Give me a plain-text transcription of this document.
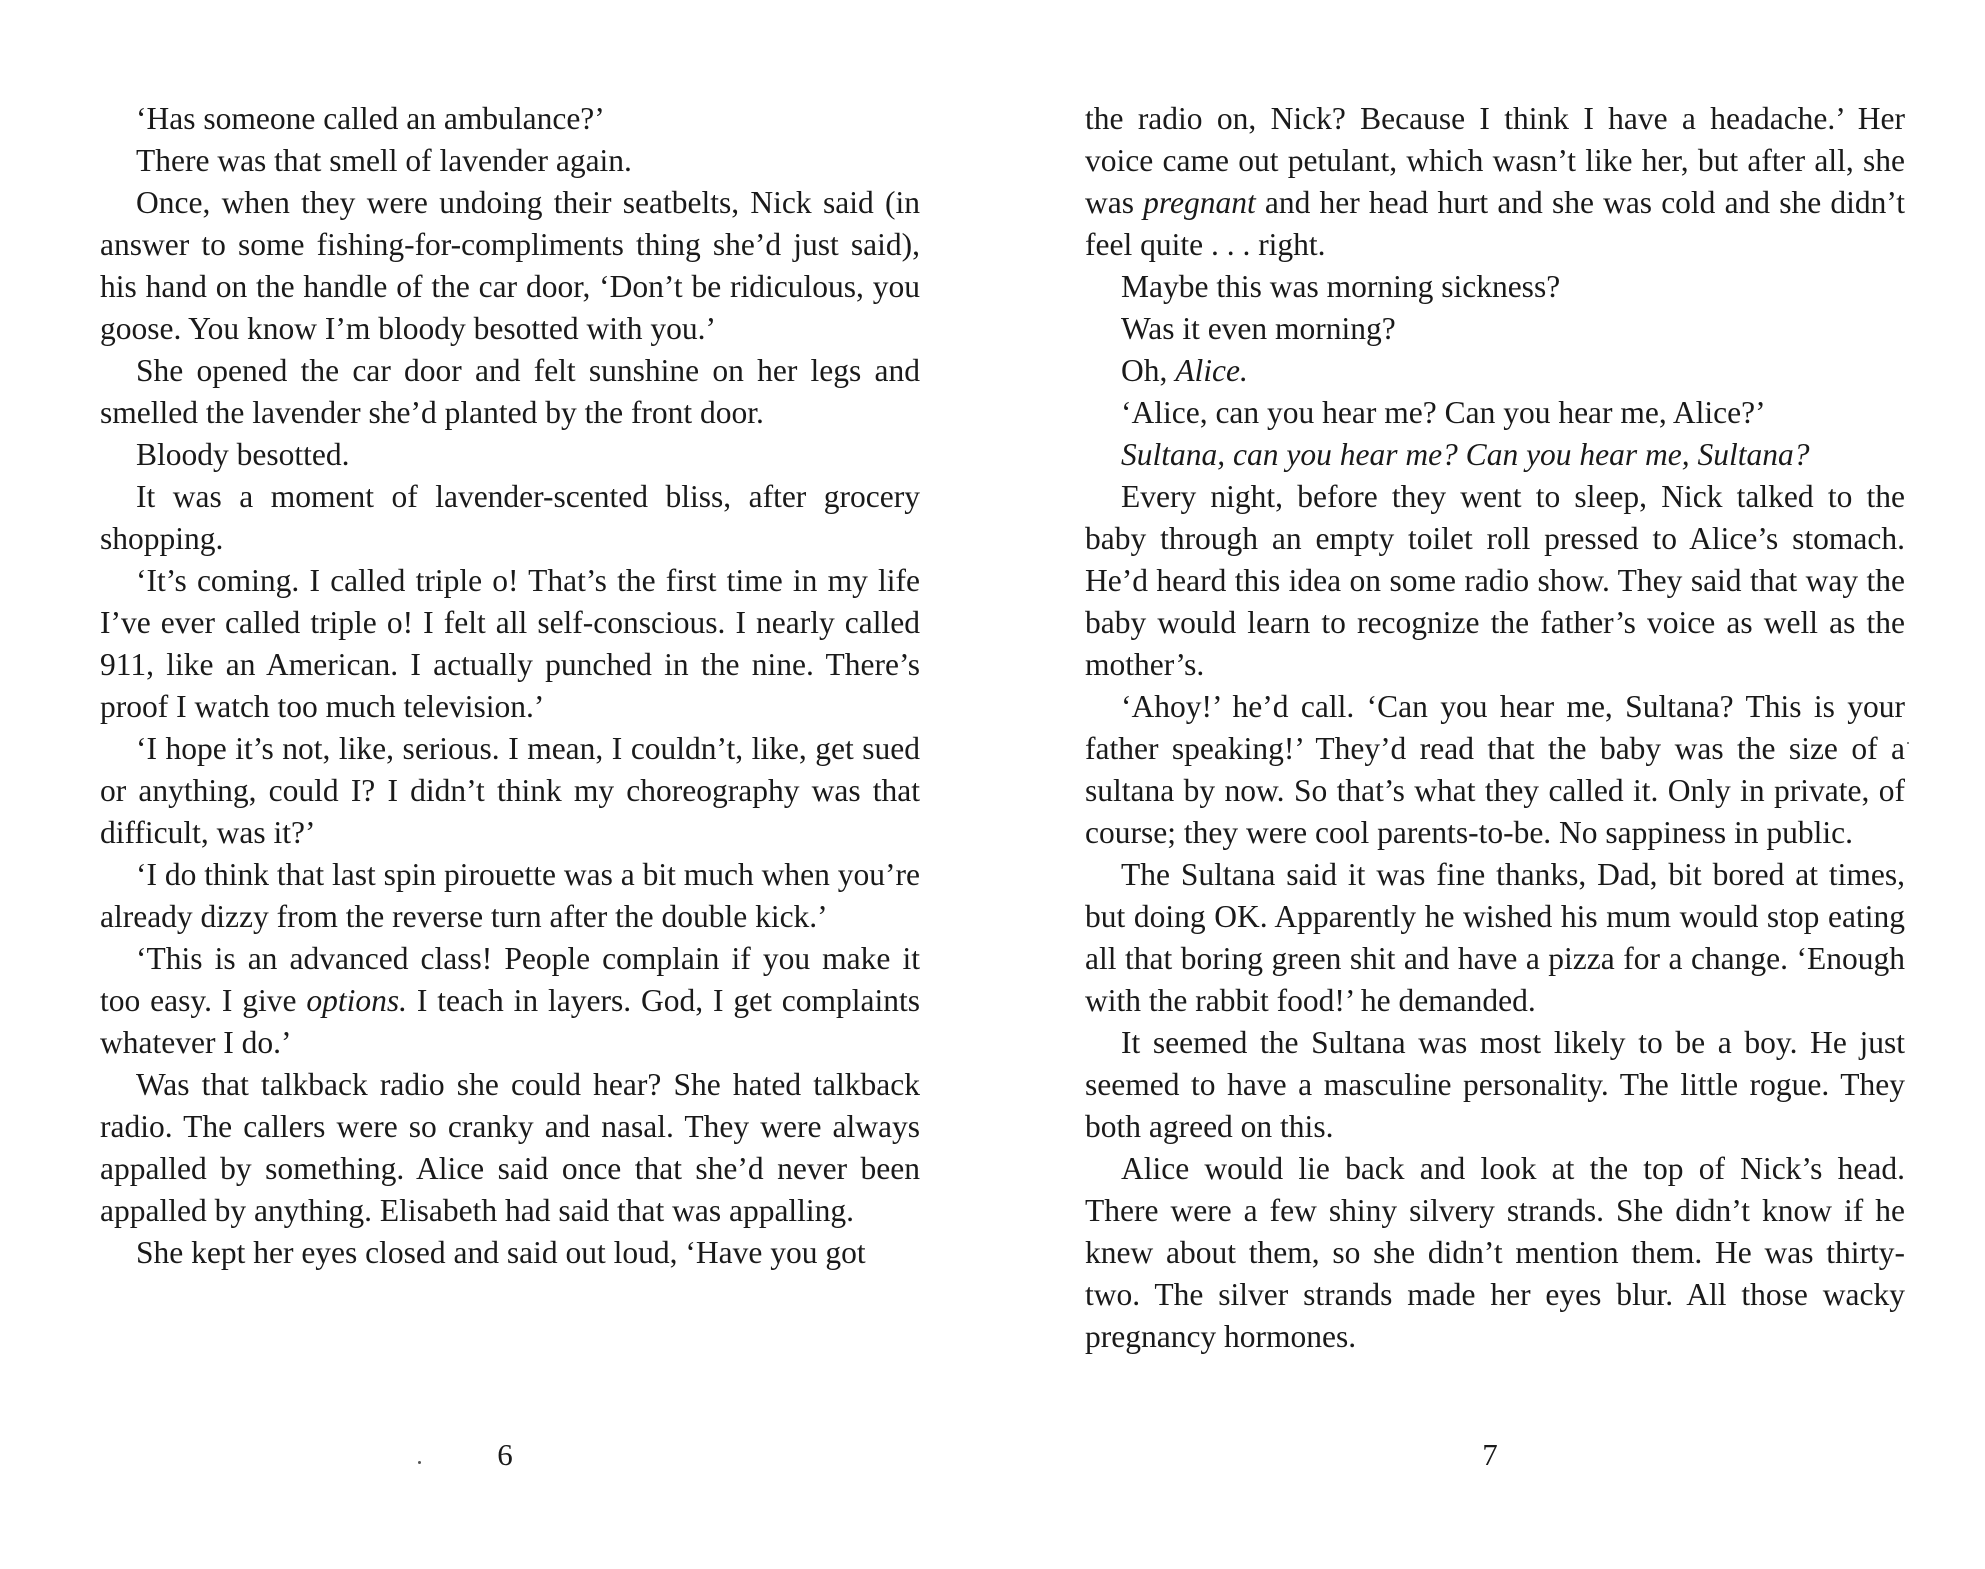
‘Has someone called an ambulance?’

There was that smell of lavender again.

Once, when they were undoing their seatbelts, Nick said (in answer to some fishing-for-compliments thing she’d just said), his hand on the handle of the car door, ‘Don’t be ridiculous, you goose. You know I’m bloody besotted with you.’

She opened the car door and felt sunshine on her legs and smelled the lavender she’d planted by the front door.

Bloody besotted.

It was a moment of lavender-scented bliss, after grocery shopping.

‘It’s coming. I called triple o! That’s the first time in my life I’ve ever called triple o! I felt all self-conscious. I nearly called 911, like an American. I actually punched in the nine. There’s proof I watch too much television.’

‘I hope it’s not, like, serious. I mean, I couldn’t, like, get sued or anything, could I? I didn’t think my choreography was that difficult, was it?’

‘I do think that last spin pirouette was a bit much when you’re already dizzy from the reverse turn after the double kick.’

‘This is an advanced class! People complain if you make it too easy. I give options. I teach in layers. God, I get complaints whatever I do.’

Was that talkback radio she could hear? She hated talkback radio. The callers were so cranky and nasal. They were always appalled by something. Alice said once that she’d never been appalled by anything. Elisabeth had said that was appalling.

She kept her eyes closed and said out loud, ‘Have you got

the radio on, Nick? Because I think I have a headache.’ Her voice came out petulant, which wasn’t like her, but after all, she was pregnant and her head hurt and she was cold and she didn’t feel quite . . . right.

Maybe this was morning sickness?

Was it even morning?

Oh, Alice.

‘Alice, can you hear me? Can you hear me, Alice?’

Sultana, can you hear me? Can you hear me, Sultana?

Every night, before they went to sleep, Nick talked to the baby through an empty toilet roll pressed to Alice’s stomach. He’d heard this idea on some radio show. They said that way the baby would learn to recognize the father’s voice as well as the mother’s.

‘Ahoy!’ he’d call. ‘Can you hear me, Sultana? This is your father speaking!’ They’d read that the baby was the size of a sultana by now. So that’s what they called it. Only in private, of course; they were cool parents-to-be. No sappiness in public.

The Sultana said it was fine thanks, Dad, bit bored at times, but doing OK. Apparently he wished his mum would stop eating all that boring green shit and have a pizza for a change. ‘Enough with the rabbit food!’ he demanded.

It seemed the Sultana was most likely to be a boy. He just seemed to have a masculine personality. The little rogue. They both agreed on this.

Alice would lie back and look at the top of Nick’s head. There were a few shiny silvery strands. She didn’t know if he knew about them, so she didn’t mention them. He was thirty-two. The silver strands made her eyes blur. All those wacky pregnancy hormones.

6	7
